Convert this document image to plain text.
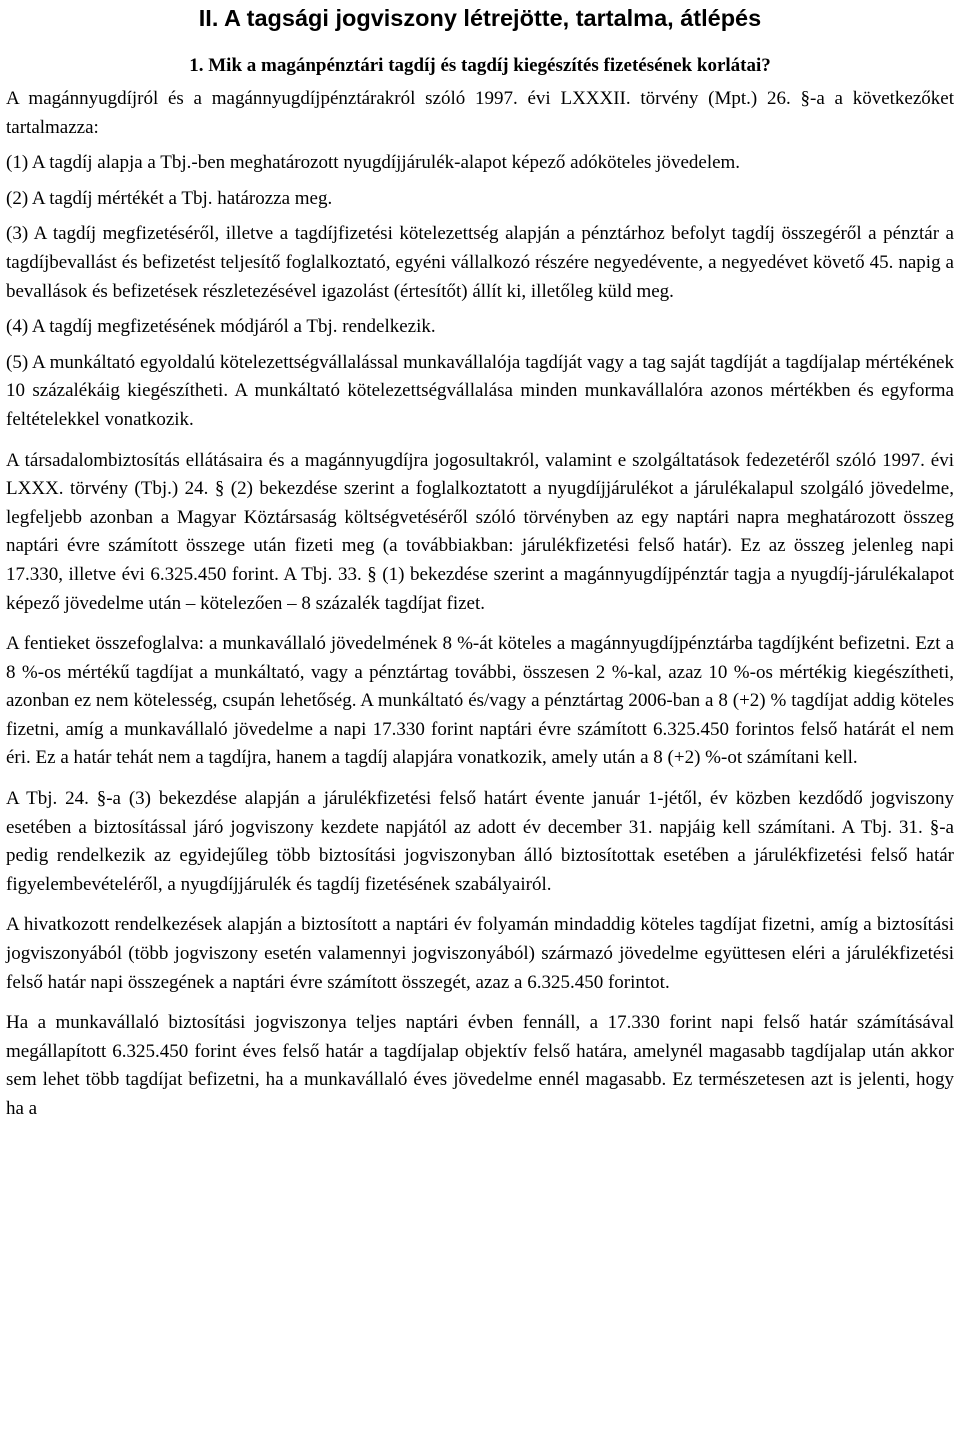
II. A tagsági jogviszony létrejötte, tartalma, átlépés
1. Mik a magánpénztári tagdíj és tagdíj kiegészítés fizetésének korlátai?

A magánnyugdíjról és a magánnyugdíjpénztárakról szóló 1997. évi LXXXII. törvény (Mpt.) 26. §-a a következőket tartalmazza:

(1) A tagdíj alapja a Tbj.-ben meghatározott nyugdíjjárulék-alapot képező adóköteles jövedelem.

(2) A tagdíj mértékét a Tbj. határozza meg.

(3) A tagdíj megfizetéséről, illetve a tagdíjfizetési kötelezettség alapján a pénztárhoz befolyt tagdíj összegéről a pénztár a tagdíjbevallást és befizetést teljesítő foglalkoztató, egyéni vállalkozó részére negyedévente, a negyedévet követő 45. napig a bevallások és befizetések részletezésével igazolást (értesítőt) állít ki, illetőleg küld meg.

(4) A tagdíj megfizetésének módjáról a Tbj. rendelkezik.

(5) A munkáltató egyoldalú kötelezettségvállalással munkavállalója tagdíját vagy a tag saját tagdíját a tagdíjalap mértékének 10 százalékáig kiegészítheti. A munkáltató kötelezettségvállalása minden munkavállalóra azonos mértékben és egyforma feltételekkel vonatkozik.

A társadalombiztosítás ellátásaira és a magánnyugdíjra jogosultakról, valamint e szolgáltatások fedezetéről szóló 1997. évi LXXX. törvény (Tbj.) 24. § (2) bekezdése szerint a foglalkoztatott a nyugdíjjárulékot a járulékalapul szolgáló jövedelme, legfeljebb azonban a Magyar Köztársaság költségvetéséről szóló törvényben az egy naptári napra meghatározott összeg naptári évre számított összege után fizeti meg (a továbbiakban: járulékfizetési felső határ). Ez az összeg jelenleg napi 17.330, illetve évi 6.325.450 forint. A Tbj. 33. § (1) bekezdése szerint a magánnyugdíjpénztár tagja a nyugdíj-járulékalapot képező jövedelme után – kötelezően – 8 százalék tagdíjat fizet.

A fentieket összefoglalva: a munkavállaló jövedelmének 8 %-át köteles a magánnyugdíjpénztárba tagdíjként befizetni. Ezt a 8 %-os mértékű tagdíjat a munkáltató, vagy a pénztártag további, összesen 2 %-kal, azaz 10 %-os mértékig kiegészítheti, azonban ez nem kötelesség, csupán lehetőség. A munkáltató és/vagy a pénztártag 2006-ban a 8 (+2) % tagdíjat addig köteles fizetni, amíg a munkavállaló jövedelme a napi 17.330 forint naptári évre számított 6.325.450 forintos felső határát el nem éri. Ez a határ tehát nem a tagdíjra, hanem a tagdíj alapjára vonatkozik, amely után a 8 (+2) %-ot számítani kell.

A Tbj. 24. §-a (3) bekezdése alapján a járulékfizetési felső határt évente január 1-jétől, év közben kezdődő jogviszony esetében a biztosítással járó jogviszony kezdete napjától az adott év december 31. napjáig kell számítani. A Tbj. 31. §-a pedig rendelkezik az egyidejűleg több biztosítási jogviszonyban álló biztosítottak esetében a járulékfizetési felső határ figyelembevételéről, a nyugdíjjárulék és tagdíj fizetésének szabályairól.

A hivatkozott rendelkezések alapján a biztosított a naptári év folyamán mindaddig köteles tagdíjat fizetni, amíg a biztosítási jogviszonyából (több jogviszony esetén valamennyi jogviszonyából) származó jövedelme együttesen eléri a járulékfizetési felső határ napi összegének a naptári évre számított összegét, azaz a 6.325.450 forintot.

Ha a munkavállaló biztosítási jogviszonya teljes naptári évben fennáll, a 17.330 forint napi felső határ számításával megállapított 6.325.450 forint éves felső határ a tagdíjalap objektív felső határa, amelynél magasabb tagdíjalap után akkor sem lehet több tagdíjat befizetni, ha a munkavállaló éves jövedelme ennél magasabb. Ez természetesen azt is jelenti, hogy ha a
